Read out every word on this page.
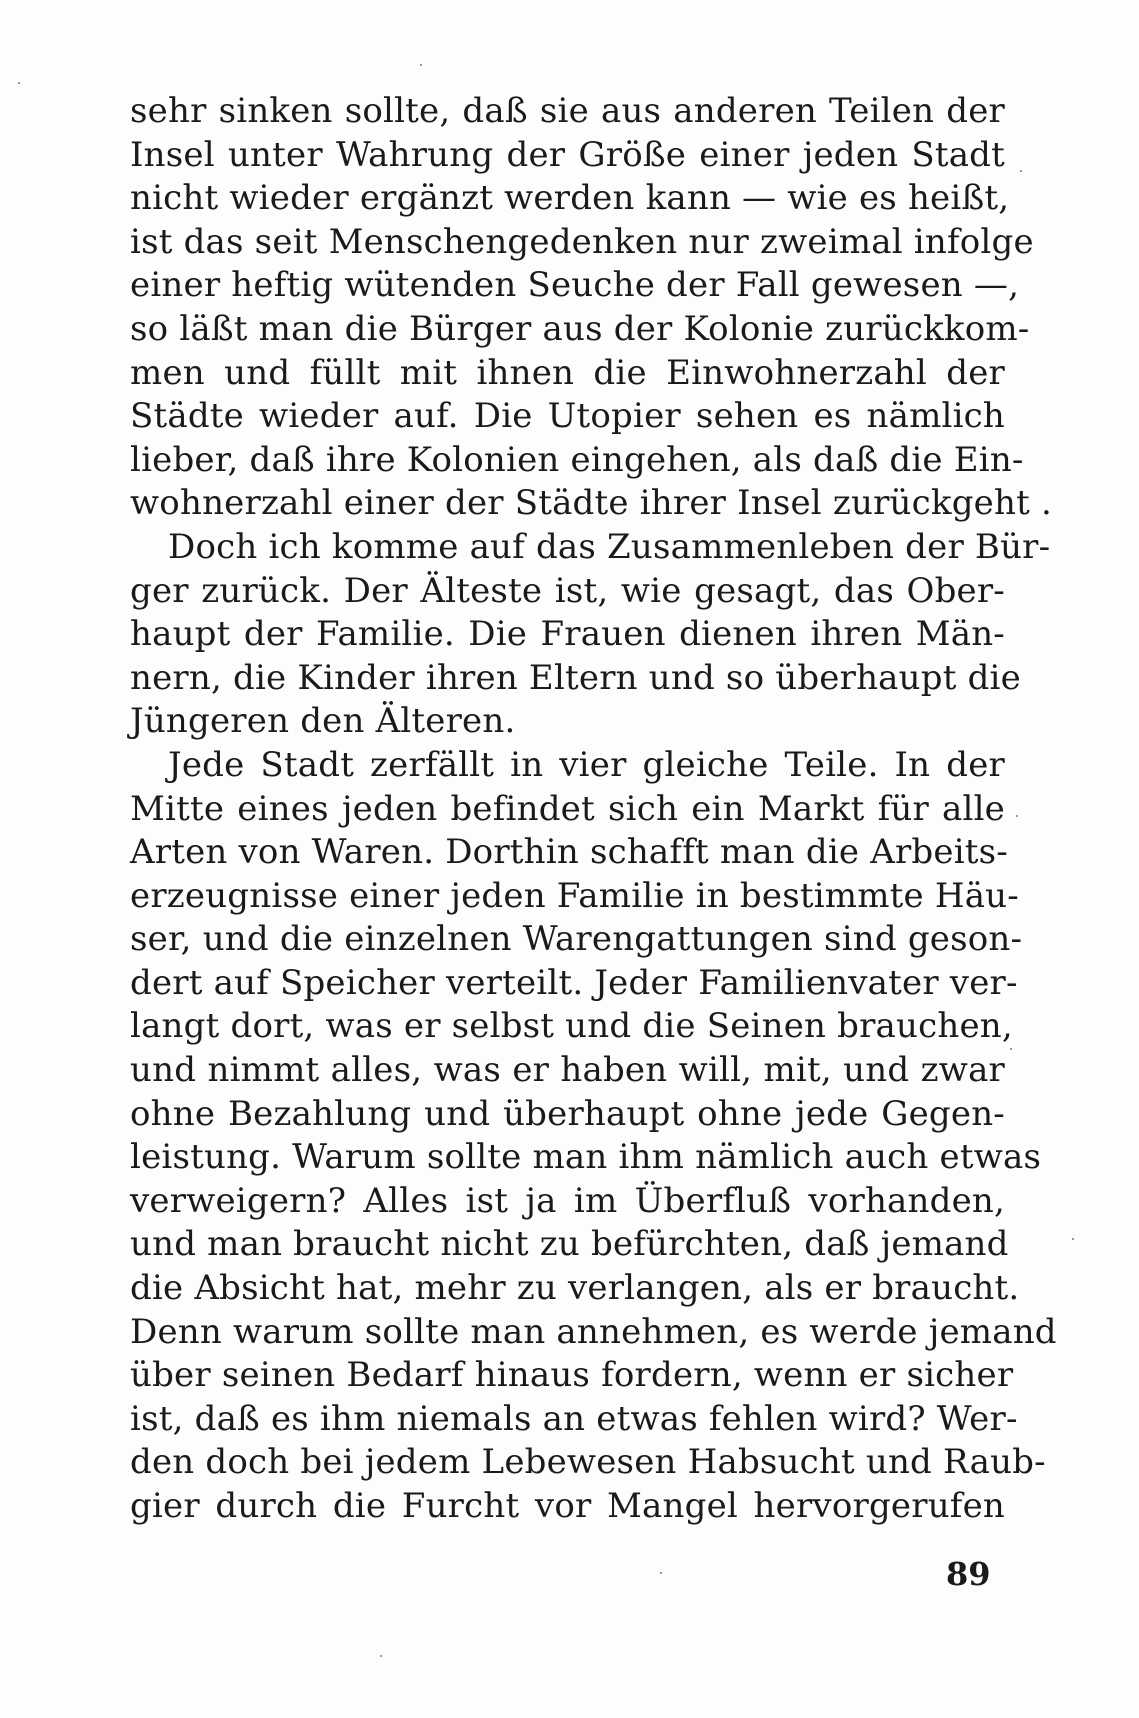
sehr sinken sollte, daß sie aus anderen Teilen der
Insel unter Wahrung der Größe einer jeden Stadt
nicht wieder ergänzt werden kann — wie es heißt,
ist das seit Menschengedenken nur zweimal infolge
einer heftig wütenden Seuche der Fall gewesen —,
so läßt man die Bürger aus der Kolonie zurückkom-
men und füllt mit ihnen die Einwohnerzahl der
Städte wieder auf. Die Utopier sehen es nämlich
lieber, daß ihre Kolonien eingehen, als daß die Ein-
wohnerzahl einer der Städte ihrer Insel zurückgeht .
Doch ich komme auf das Zusammenleben der Bür-
ger zurück. Der Älteste ist, wie gesagt, das Ober-
haupt der Familie. Die Frauen dienen ihren Män-
nern, die Kinder ihren Eltern und so überhaupt die
Jüngeren den Älteren.
Jede Stadt zerfällt in vier gleiche Teile. In der
Mitte eines jeden befindet sich ein Markt für alle
Arten von Waren. Dorthin schafft man die Arbeits-
erzeugnisse einer jeden Familie in bestimmte Häu-
ser, und die einzelnen Warengattungen sind geson-
dert auf Speicher verteilt. Jeder Familienvater ver-
langt dort, was er selbst und die Seinen brauchen,
und nimmt alles, was er haben will, mit, und zwar
ohne Bezahlung und überhaupt ohne jede Gegen-
leistung. Warum sollte man ihm nämlich auch etwas
verweigern? Alles ist ja im Überfluß vorhanden,
und man braucht nicht zu befürchten, daß jemand
die Absicht hat, mehr zu verlangen, als er braucht.
Denn warum sollte man annehmen, es werde jemand
über seinen Bedarf hinaus fordern, wenn er sicher
ist, daß es ihm niemals an etwas fehlen wird? Wer-
den doch bei jedem Lebewesen Habsucht und Raub-
gier durch die Furcht vor Mangel hervorgerufen
89
